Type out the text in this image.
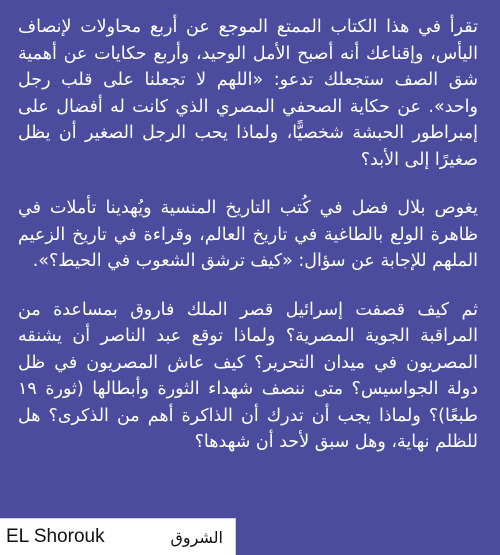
تقرأ في هذا الكتاب الممتع الموجع عن أربع محاولات لإنصاف اليأس، وإقناعك أنه أصبح الأمل الوحيد، وأربع حكايات عن أهمية شق الصف ستجعلك تدعو: «اللهم لا تجعلنا على قلب رجل واحد». عن حكاية الصحفي المصري الذي كانت له أفضال على إمبراطور الحبشة شخصيًّا، ولماذا يحب الرجل الصغير أن يظل صغيرًا إلى الأبد؟

يغوص بلال فضل في كُتب التاريخ المنسية ويُهدينا تأملات في ظاهرة الولع بالطاغية في تاريخ العالم، وقراءة في تاريخ الزعيم الملهم للإجابة عن سؤال: «كيف ترشق الشعوب في الحيط؟».

ثم كيف قصفت إسرائيل قصر الملك فاروق بمساعدة من المراقبة الجوية المصرية؟ ولماذا توقع عبد الناصر أن يشنقه المصريون في ميدان التحرير؟ كيف عاش المصريون في ظل دولة الجواسيس؟ متى ننصف شهداء الثورة وأبطالها (ثورة ١٩ طبعًا)؟ ولماذا يجب أن تدرك أن الذاكرة أهم من الذكرى؟ هل للظلم نهاية، وهل سبق لأحد أن شهدها؟

EL Shorouk	الشروق
